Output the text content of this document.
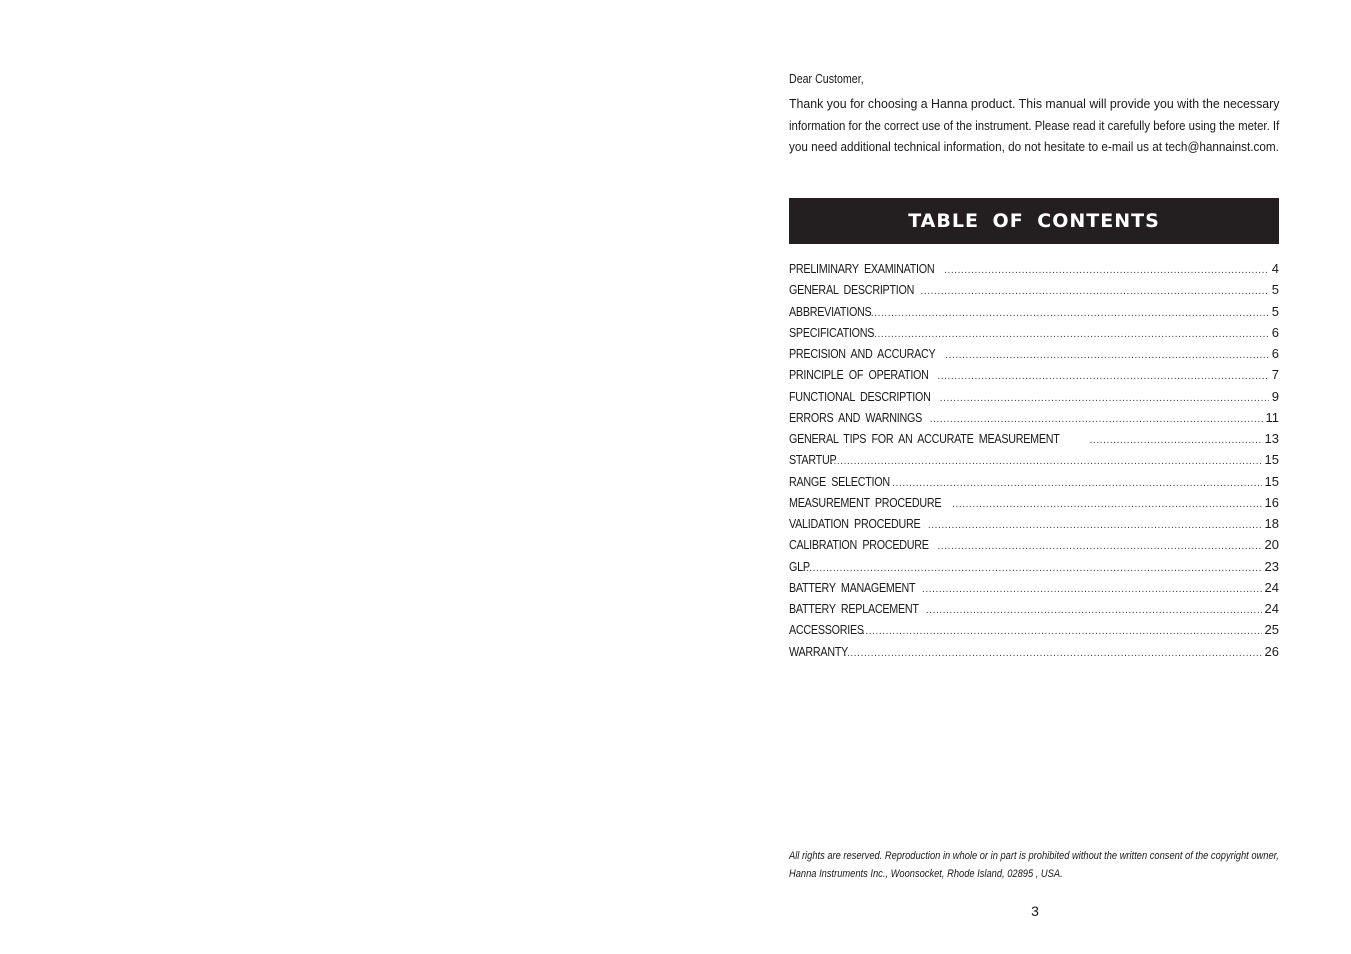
Dear Customer,
Thank you for choosing a Hanna product. This manual will provide you with the necessary
information for the correct use of the instrument. Please read it carefully before using the meter. If
you need additional technical information, do not hesitate to e-mail us at tech@hannainst.com.
TABLE OF CONTENTS
PRELIMINARY EXAMINATION .....	4
GENERAL DESCRIPTION .....	5
ABBREVIATIONS .....	5
SPECIFICATIONS .....	6
PRECISION AND ACCURACY .....	6
PRINCIPLE OF OPERATION .....	7
FUNCTIONAL DESCRIPTION .....	9
ERRORS AND WARNINGS .....	11
GENERAL TIPS FOR AN ACCURATE MEASUREMENT .....	13
STARTUP .....	15
RANGE SELECTION .....	15
MEASUREMENT PROCEDURE .....	16
VALIDATION PROCEDURE .....	18
CALIBRATION PROCEDURE .....	20
GLP .....	23
BATTERY MANAGEMENT .....	24
BATTERY REPLACEMENT .....	24
ACCESSORIES .....	25
WARRANTY .....	26
All rights are reserved. Reproduction in whole or in part is prohibited without the written consent of the copyright owner,
Hanna Instruments Inc., Woonsocket, Rhode Island, 02895 , USA.
3
